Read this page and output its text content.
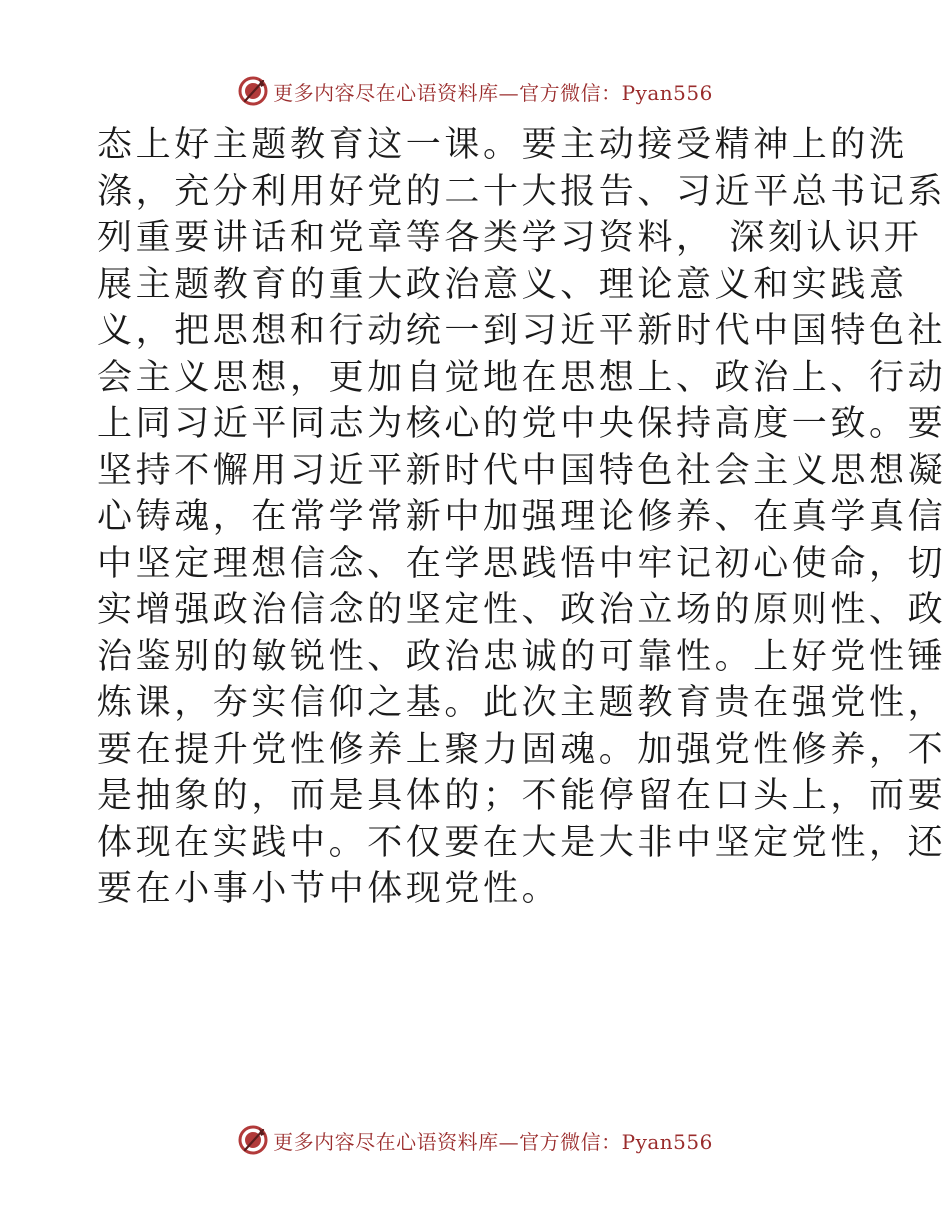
更多内容尽在心语资料库—官方微信：Pyan556
态上好主题教育这一课。要主动接受精神上的洗
涤，充分利用好党的二十大报告、习近平总书记系
列重要讲话和党章等各类学习资料， 深刻认识开
展主题教育的重大政治意义、理论意义和实践意
义，把思想和行动统一到习近平新时代中国特色社
会主义思想，更加自觉地在思想上、政治上、行动
上同习近平同志为核心的党中央保持高度一致。要
坚持不懈用习近平新时代中国特色社会主义思想凝
心铸魂，在常学常新中加强理论修养、在真学真信
中坚定理想信念、在学思践悟中牢记初心使命，切
实增强政治信念的坚定性、政治立场的原则性、政
治鉴别的敏锐性、政治忠诚的可靠性。上好党性锤
炼课，夯实信仰之基。此次主题教育贵在强党性，
要在提升党性修养上聚力固魂。加强党性修养，不
是抽象的，而是具体的；不能停留在口头上，而要
体现在实践中。不仅要在大是大非中坚定党性，还
要在小事小节中体现党性。
更多内容尽在心语资料库—官方微信：Pyan556
